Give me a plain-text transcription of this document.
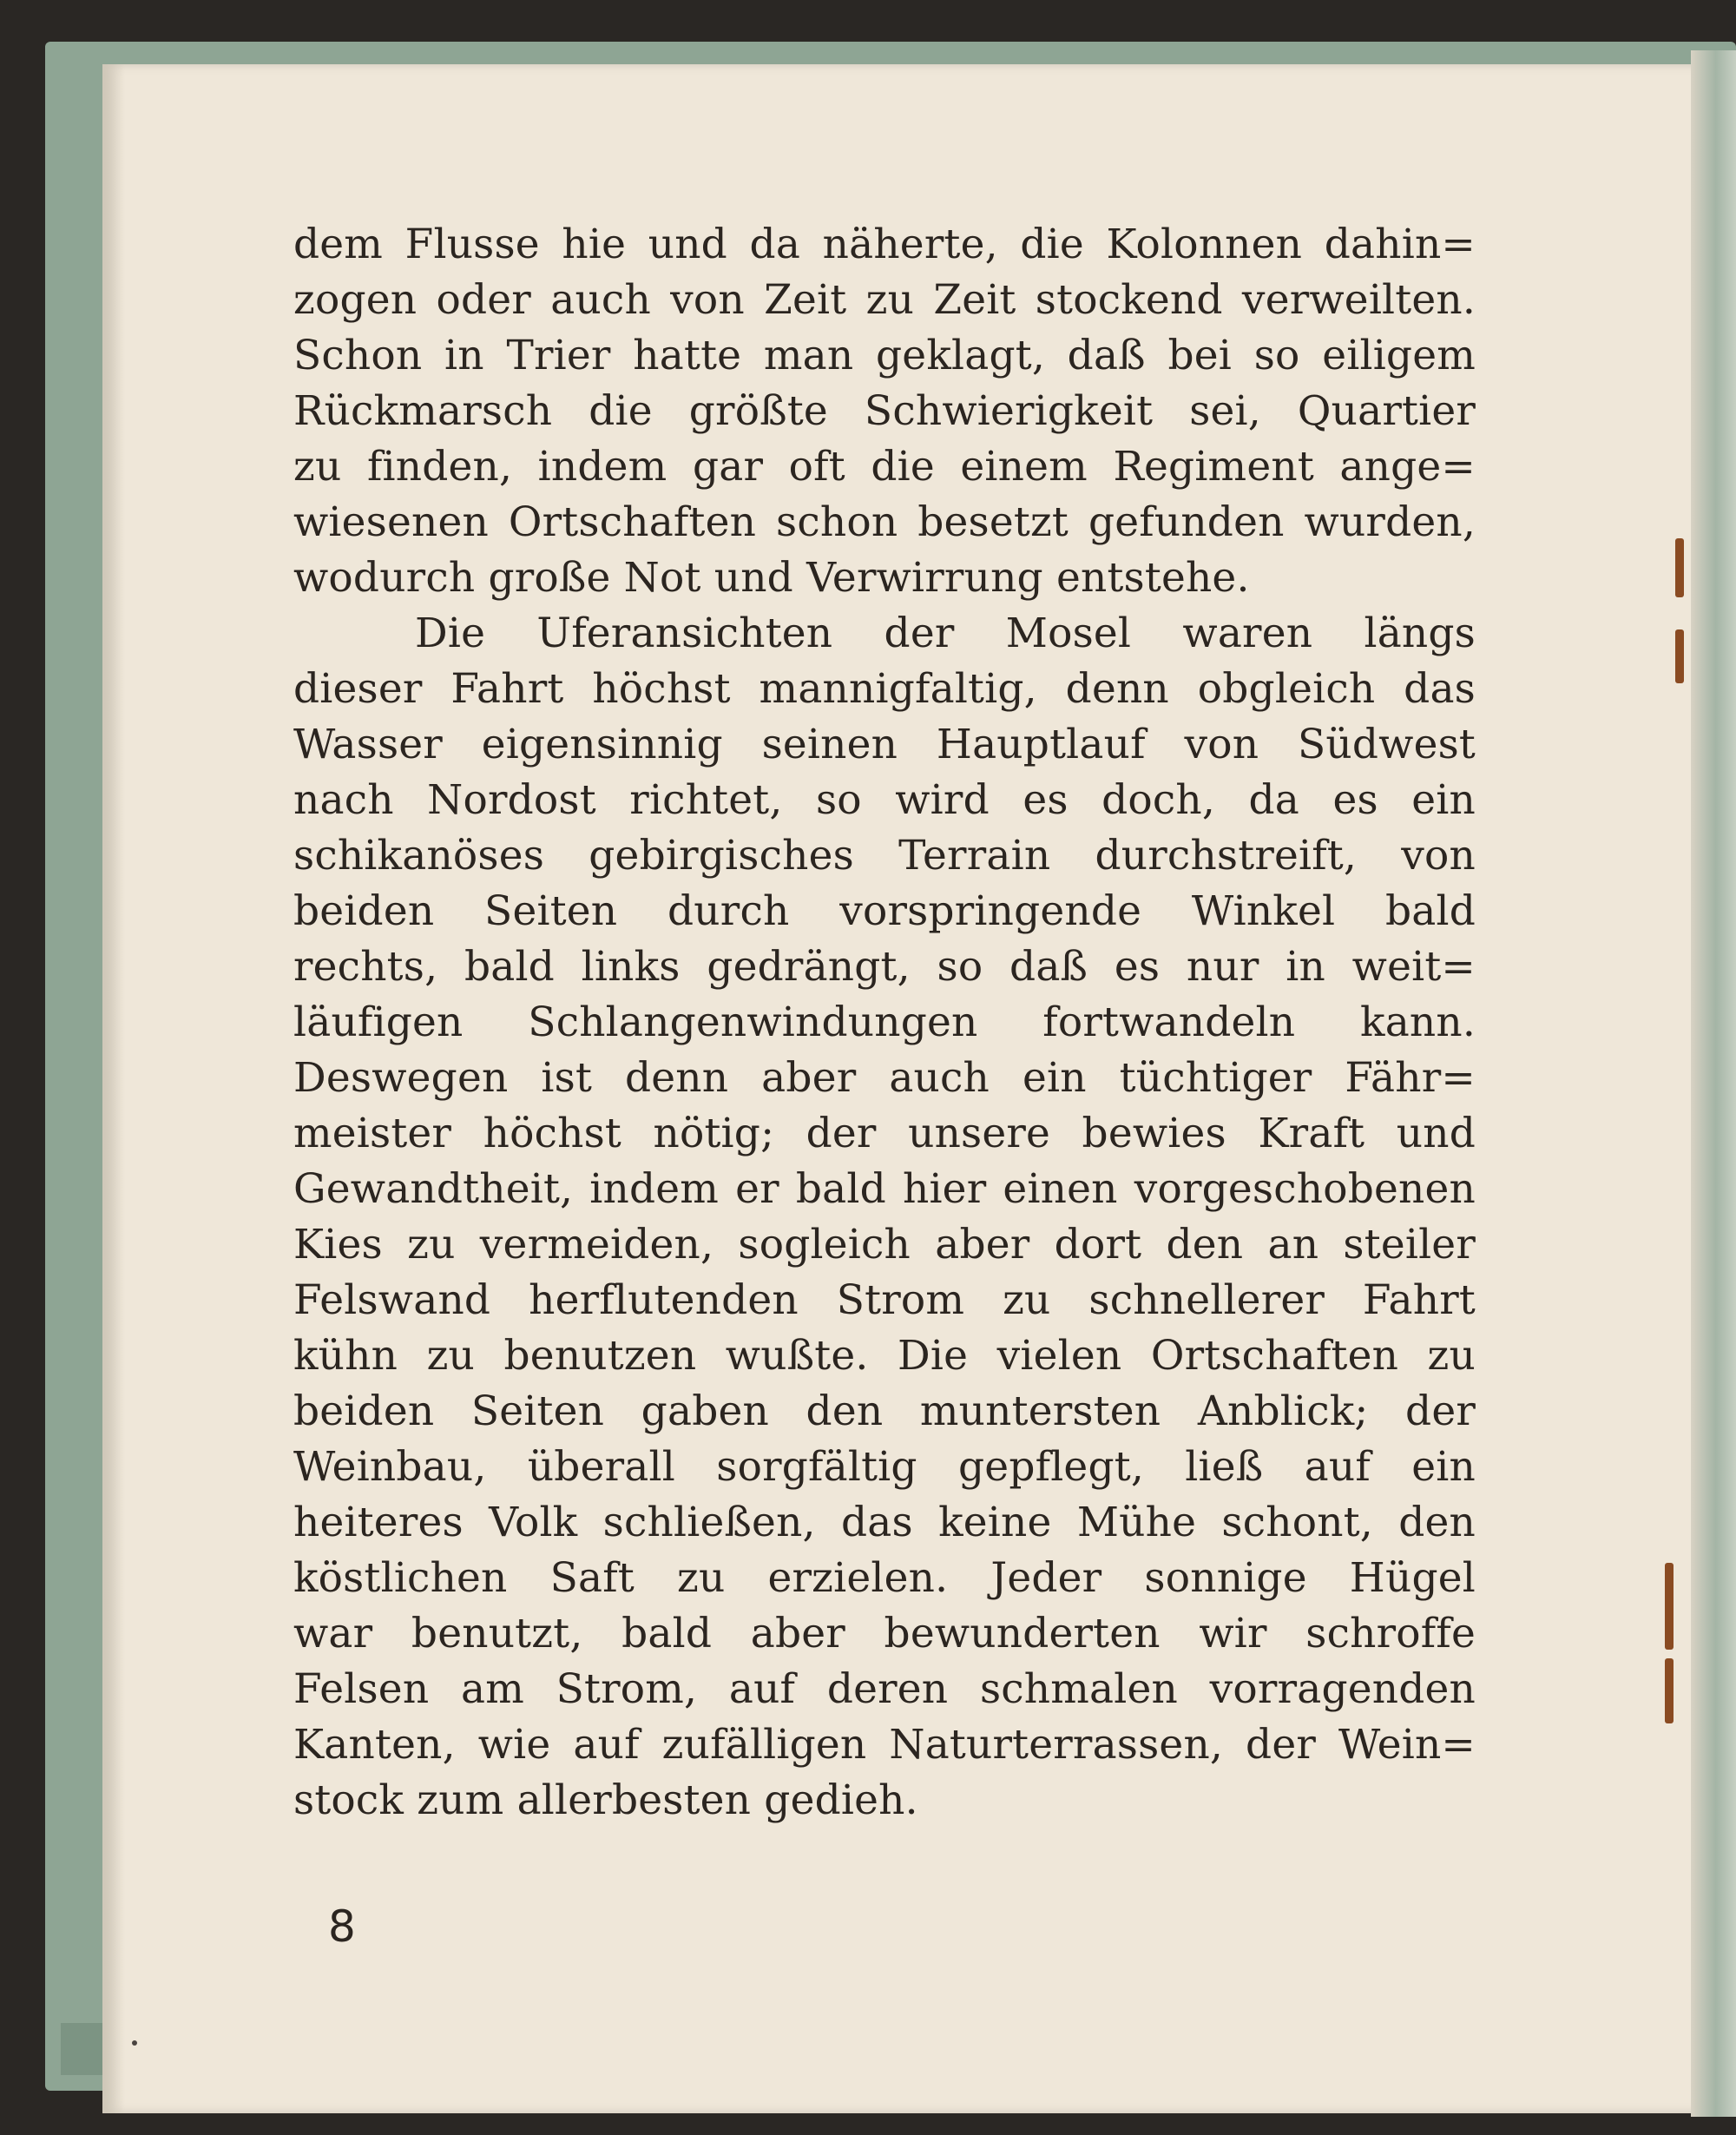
dem Flusse hie und da näherte, die Kolonnen dahin=
zogen oder auch von Zeit zu Zeit stockend verweilten.
Schon in Trier hatte man geklagt, daß bei so eiligem
Rückmarsch die größte Schwierigkeit sei, Quartier
zu finden, indem gar oft die einem Regiment ange=
wiesenen Ortschaften schon besetzt gefunden wurden,
wodurch große Not und Verwirrung entstehe.
Die Uferansichten der Mosel waren längs
dieser Fahrt höchst mannigfaltig, denn obgleich das
Wasser eigensinnig seinen Hauptlauf von Südwest
nach Nordost richtet, so wird es doch, da es ein
schikanöses gebirgisches Terrain durchstreift, von
beiden Seiten durch vorspringende Winkel bald
rechts, bald links gedrängt, so daß es nur in weit=
läufigen Schlangenwindungen fortwandeln kann.
Deswegen ist denn aber auch ein tüchtiger Fähr=
meister höchst nötig; der unsere bewies Kraft und
Gewandtheit, indem er bald hier einen vorgeschobenen
Kies zu vermeiden, sogleich aber dort den an steiler
Felswand herflutenden Strom zu schnellerer Fahrt
kühn zu benutzen wußte. Die vielen Ortschaften zu
beiden Seiten gaben den muntersten Anblick; der
Weinbau, überall sorgfältig gepflegt, ließ auf ein
heiteres Volk schließen, das keine Mühe schont, den
köstlichen Saft zu erzielen. Jeder sonnige Hügel
war benutzt, bald aber bewunderten wir schroffe
Felsen am Strom, auf deren schmalen vorragenden
Kanten, wie auf zufälligen Naturterrassen, der Wein=
stock zum allerbesten gedieh.
8
